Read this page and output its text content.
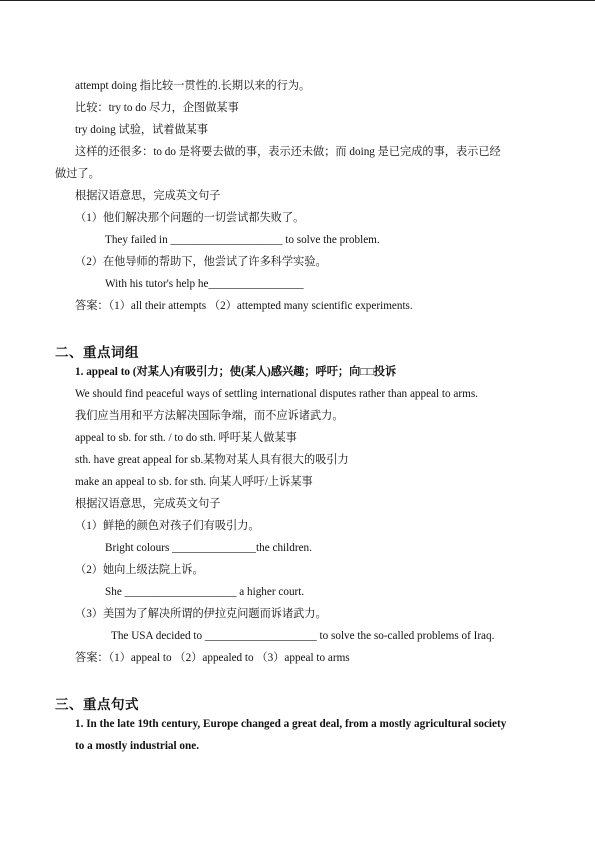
attempt doing 指比较一贯性的.长期以来的行为。
比较：try to do 尽力，企图做某事
try doing 试验，试着做某事
这样的还很多：to do 是将要去做的事，表示还未做；而 doing 是已完成的事，表示已经
做过了。
根据汉语意思，完成英文句子
（1）他们解决那个问题的一切尝试都失败了。
They failed in ____________________ to solve the problem.
（2）在他导师的帮助下，他尝试了许多科学实验。
With his tutor's help he_________________
答案：（1）all their attempts （2）attempted many scientific experiments.
二、重点词组
1. appeal to (对某人)有吸引力；使(某人)感兴趣；呼吁；向□□投诉
We should find peaceful ways of settling international disputes rather than appeal to arms.
我们应当用和平方法解决国际争端，而不应诉诸武力。
appeal to sb. for sth. / to do sth. 呼吁某人做某事
sth. have great appeal for sb.某物对某人具有很大的吸引力
make an appeal to sb. for sth. 向某人呼吁/上诉某事
根据汉语意思，完成英文句子
（1）鲜艳的颜色对孩子们有吸引力。
Bright colours _______________the children.
（2）她向上级法院上诉。
She ____________________ a higher court.
（3）美国为了解决所谓的伊拉克问题而诉诸武力。
The USA decided to ____________________ to solve the so-called problems of Iraq.
答案：（1）appeal to （2）appealed to （3）appeal to arms
三、重点句式
1. In the late 19th century, Europe changed a great deal, from a mostly agricultural society
to a mostly industrial one.
